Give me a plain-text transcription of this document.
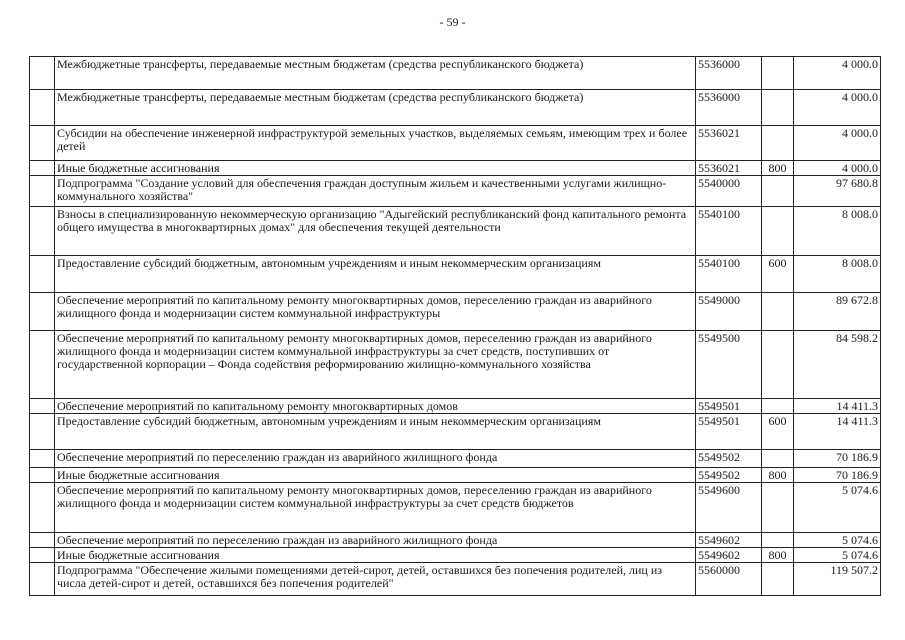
- 59 -
	Межбюджетные трансферты, передаваемые местным бюджетам (средства республиканского бюджета)	5536000		4 000.0
	Межбюджетные трансферты, передаваемые местным бюджетам (средства республиканского бюджета)	5536000		4 000.0
	Субсидии на обеспечение инженерной инфраструктурой земельных участков, выделяемых семьям, имеющим трех и более детей	5536021		4 000.0
	Иные бюджетные ассигнования	5536021	800	4 000.0
	Подпрограмма "Создание условий для обеспечения граждан доступным жильем и качественными услугами жилищно-коммунального хозяйства"	5540000		97 680.8
	Взносы в специализированную некоммерческую организацию "Адыгейский республиканский фонд капитального ремонта общего имущества в многоквартирных домах" для обеспечения текущей деятельности	5540100		8 008.0
	Предоставление субсидий бюджетным, автономным учреждениям и иным некоммерческим организациям	5540100	600	8 008.0
	Обеспечение мероприятий по капитальному ремонту многоквартирных домов, переселению граждан из аварийного жилищного фонда и модернизации систем коммунальной инфраструктуры	5549000		89 672.8
	Обеспечение мероприятий по капитальному ремонту многоквартирных домов, переселению граждан из аварийного жилищного фонда и модернизации систем коммунальной инфраструктуры за счет средств, поступивших от государственной корпорации – Фонда содействия реформированию жилищно-коммунального хозяйства	5549500		84 598.2
	Обеспечение мероприятий по капитальному ремонту многоквартирных домов	5549501		14 411.3
	Предоставление субсидий бюджетным, автономным учреждениям и иным некоммерческим организациям	5549501	600	14 411.3
	Обеспечение мероприятий по переселению граждан из аварийного жилищного фонда	5549502		70 186.9
	Иные бюджетные ассигнования	5549502	800	70 186.9
	Обеспечение мероприятий по капитальному ремонту многоквартирных домов, переселению граждан из аварийного жилищного фонда и модернизации систем коммунальной инфраструктуры за счет средств бюджетов	5549600		5 074.6
	Обеспечение мероприятий по переселению граждан из аварийного жилищного фонда	5549602		5 074.6
	Иные бюджетные ассигнования	5549602	800	5 074.6
	Подпрограмма "Обеспечение жилыми помещениями детей-сирот, детей, оставшихся без попечения родителей, лиц из числа детей-сирот и детей, оставшихся без попечения родителей"	5560000		119 507.2
